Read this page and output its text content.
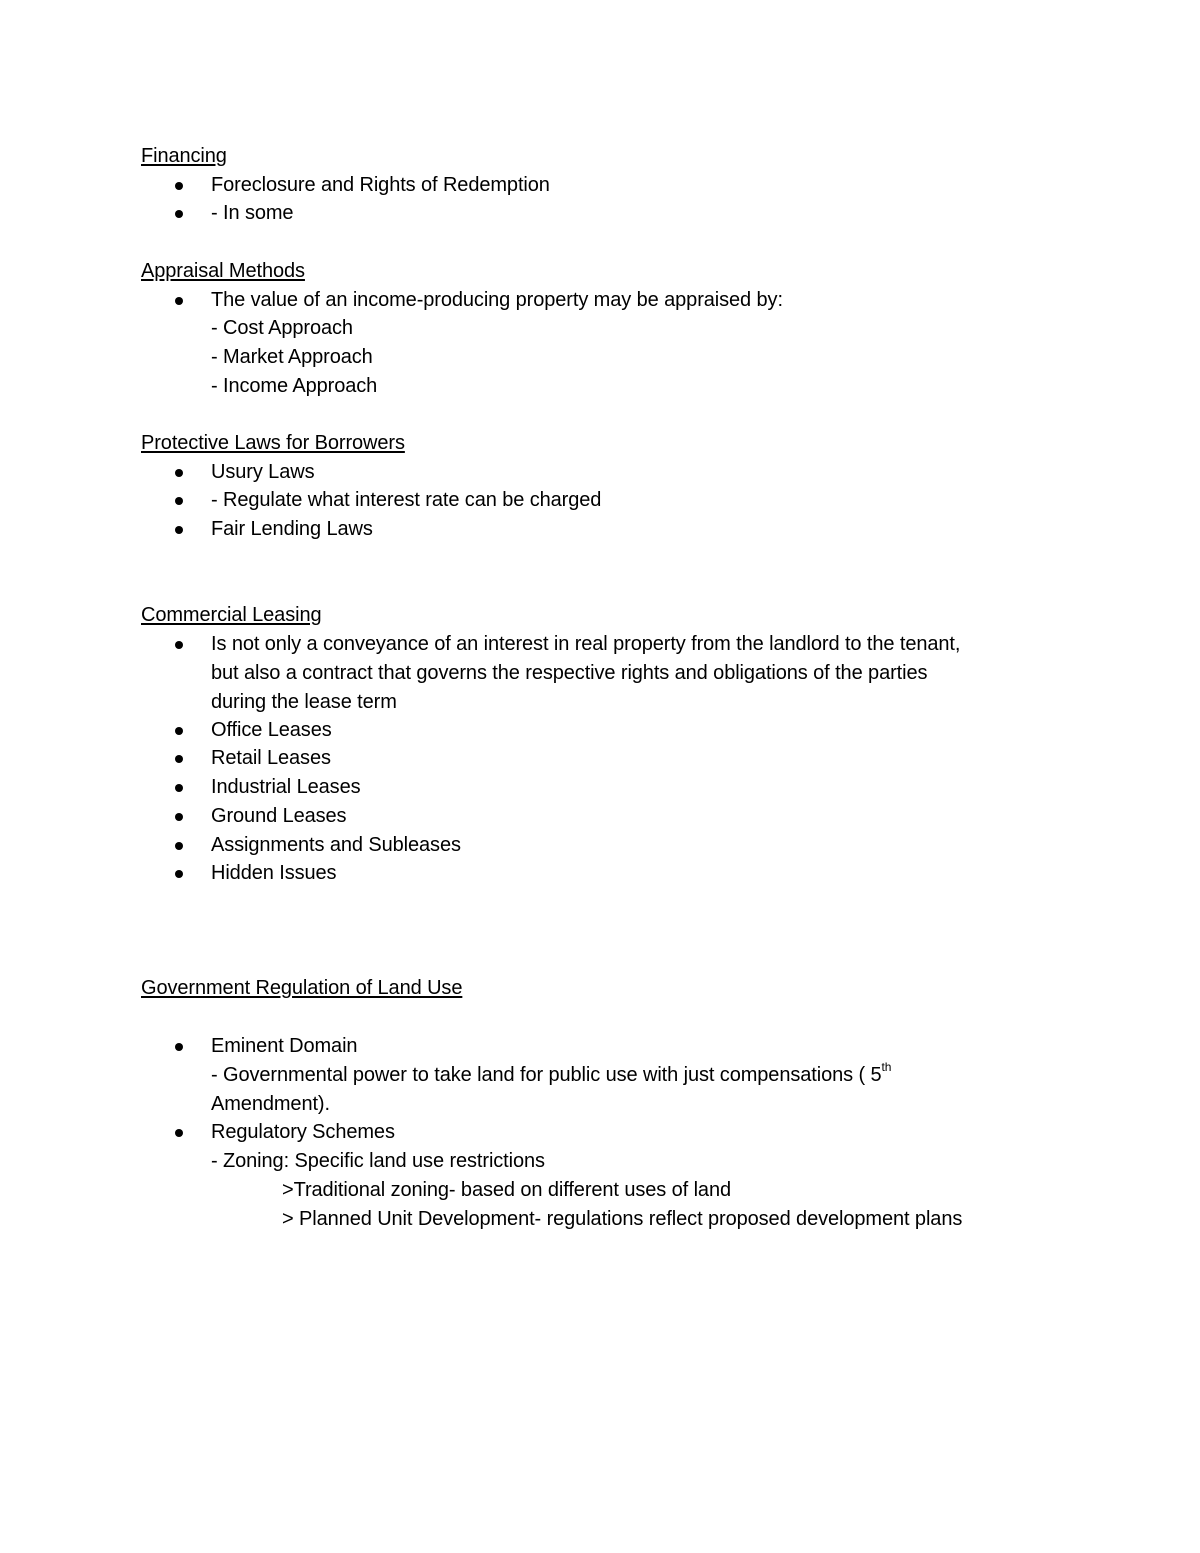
Financing
Foreclosure and Rights of Redemption
- In some
Appraisal Methods
The value of an income-producing property may be appraised by:
- Cost Approach
- Market Approach
- Income Approach
Protective Laws for Borrowers
Usury Laws
- Regulate what interest rate can be charged
Fair Lending Laws
Commercial Leasing
Is not only a conveyance of an interest in real property from the landlord to the tenant,
but also a contract that governs the respective rights and obligations of the parties
during the lease term
Office Leases
Retail Leases
Industrial Leases
Ground Leases
Assignments and Subleases
Hidden Issues
Government Regulation of Land Use
Eminent Domain
- Governmental power to take land for public use with just compensations ( 5th
Amendment).
Regulatory Schemes
- Zoning: Specific land use restrictions
>Traditional zoning- based on different uses of land
> Planned Unit Development- regulations reflect proposed development plans
